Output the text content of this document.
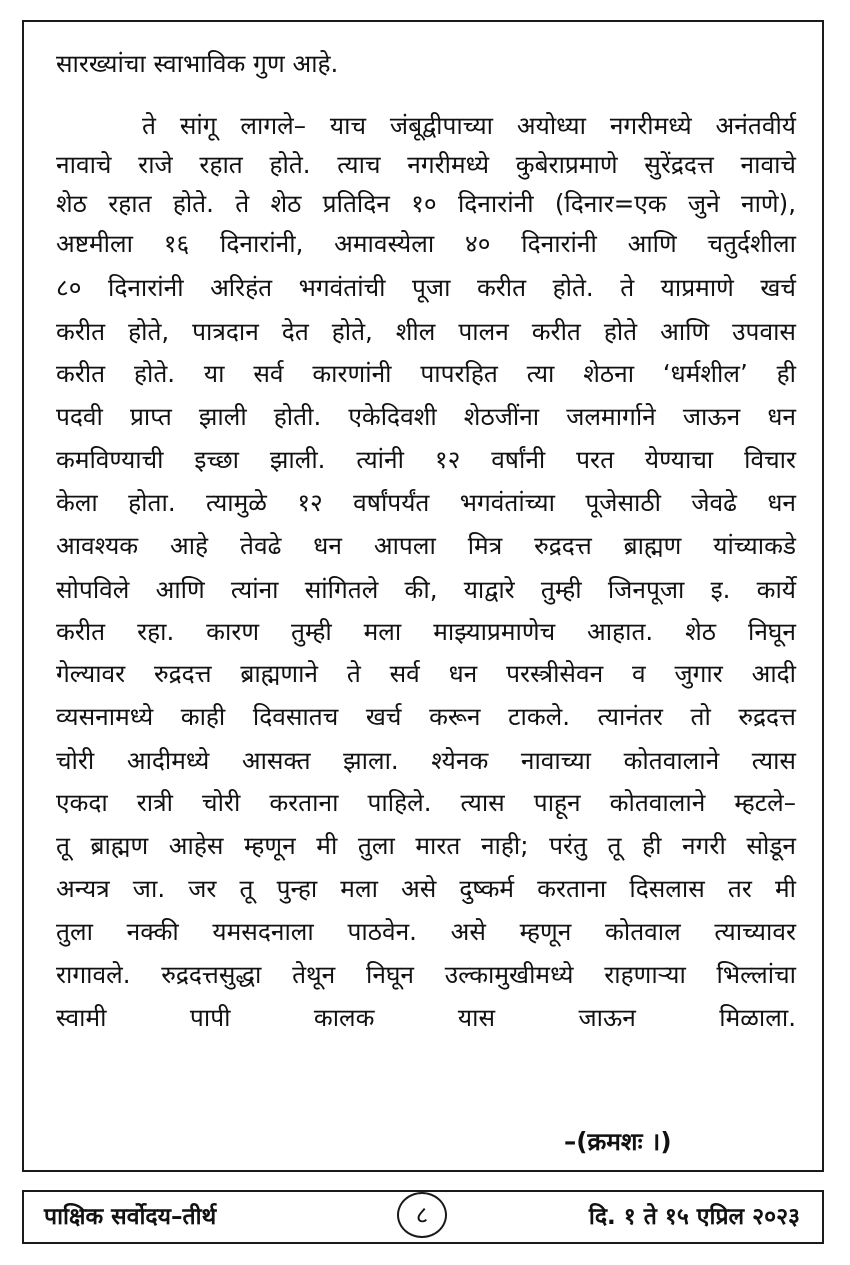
सारख्यांचा स्वाभाविक गुण आहे.
ते सांगू लागले– याच जंबूद्वीपाच्या अयोध्या नगरीमध्ये अनंतवीर्य
नावाचे राजे रहात होते. त्याच नगरीमध्ये कुबेराप्रमाणे सुरेंद्रदत्त नावाचे
शेठ रहात होते. ते शेठ प्रतिदिन १० दिनारांनी (दिनार=एक जुने नाणे),
अष्टमीला १६ दिनारांनी, अमावस्येला ४० दिनारांनी आणि चतुर्दशीला
८० दिनारांनी अरिहंत भगवंतांची पूजा करीत होते. ते याप्रमाणे खर्च
करीत होते, पात्रदान देत होते, शील पालन करीत होते आणि उपवास
करीत होते. या सर्व कारणांनी पापरहित त्या शेठना ‘धर्मशील’ ही
पदवी प्राप्त झाली होती. एकेदिवशी शेठजींना जलमार्गाने जाऊन धन
कमविण्याची इच्छा झाली. त्यांनी १२ वर्षांनी परत येण्याचा विचार
केला होता. त्यामुळे १२ वर्षांपर्यंत भगवंतांच्या पूजेसाठी जेवढे धन
आवश्यक आहे तेवढे धन आपला मित्र रुद्रदत्त ब्राह्मण यांच्याकडे
सोपविले आणि त्यांना सांगितले की, याद्वारे तुम्ही जिनपूजा इ. कार्ये
करीत रहा. कारण तुम्ही मला माझ्याप्रमाणेच आहात. शेठ निघून
गेल्यावर रुद्रदत्त ब्राह्मणाने ते सर्व धन परस्त्रीसेवन व जुगार आदी
व्यसनामध्ये काही दिवसातच खर्च करून टाकले. त्यानंतर तो रुद्रदत्त
चोरी आदीमध्ये आसक्त झाला. श्येनक नावाच्या कोतवालाने त्यास
एकदा रात्री चोरी करताना पाहिले. त्यास पाहून कोतवालाने म्हटले–
तू ब्राह्मण आहेस म्हणून मी तुला मारत नाही; परंतु तू ही नगरी सोडून
अन्यत्र जा. जर तू पुन्हा मला असे दुष्कर्म करताना दिसलास तर मी
तुला नक्की यमसदनाला पाठवेन. असे म्हणून कोतवाल त्याच्यावर
रागावले. रुद्रदत्तसुद्धा तेथून निघून उल्कामुखीमध्ये राहणाऱ्या भिल्लांचा
स्वामी पापी कालक यास जाऊन मिळाला.
–(क्रमशः ।)
पाक्षिक सर्वोदय–तीर्थ	८	दि. १ ते १५ एप्रिल २०२३
